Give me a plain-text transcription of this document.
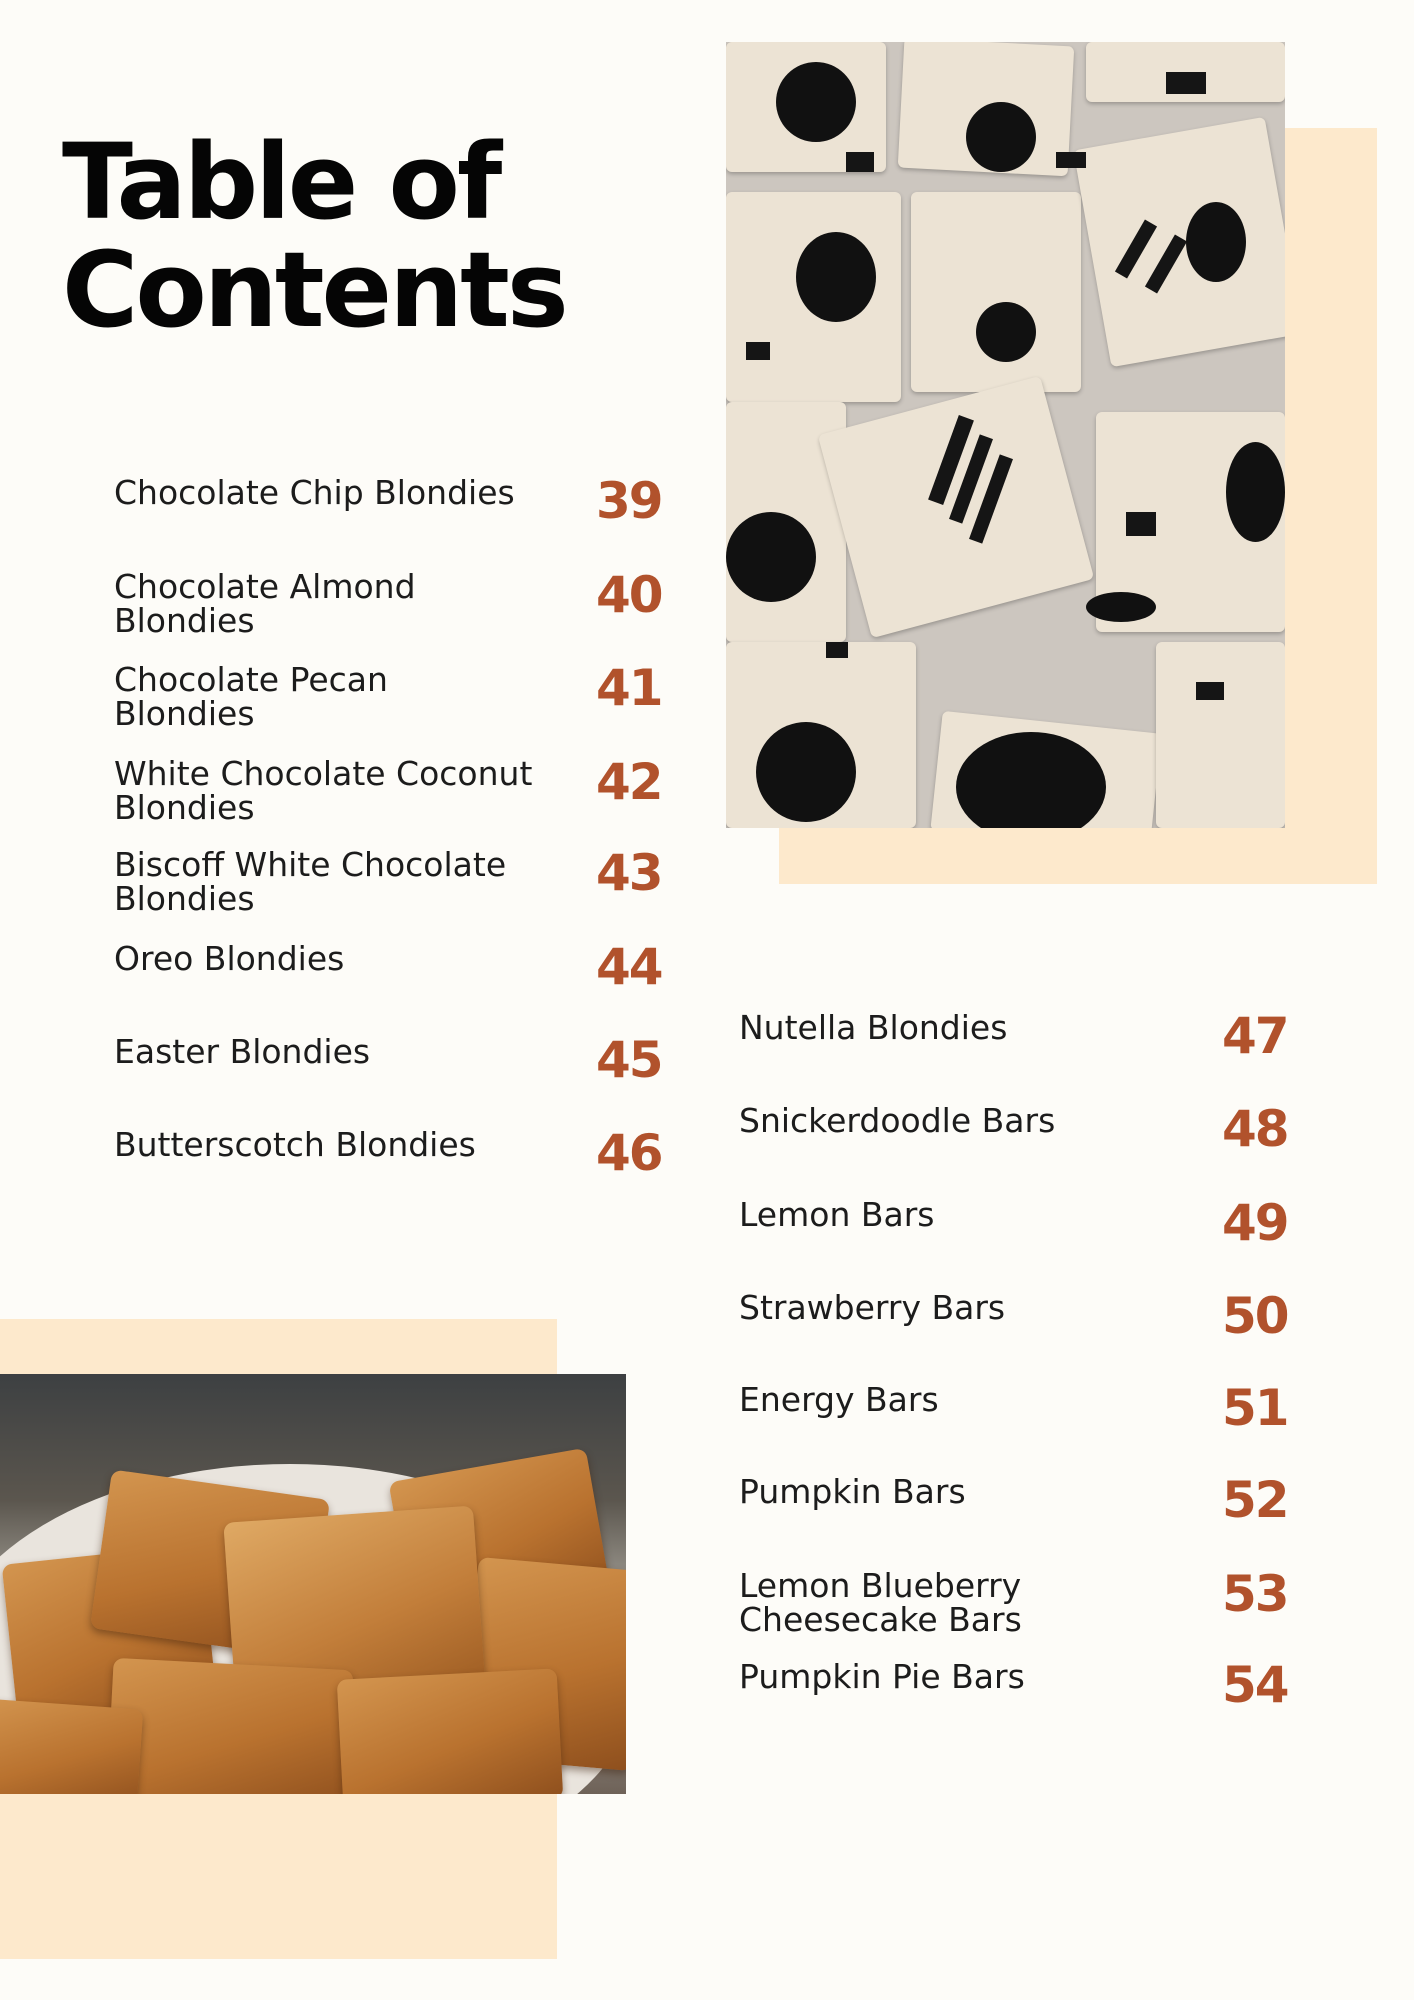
Table of
Contents
Chocolate Chip Blondies	39
Chocolate Almond Blondies	40
Chocolate Pecan Blondies	41
White Chocolate Coconut Blondies	42
Biscoff White Chocolate Blondies	43
Oreo Blondies	44
Easter Blondies	45
Butterscotch Blondies	46
Nutella Blondies	47
Snickerdoodle Bars	48
Lemon Bars	49
Strawberry Bars	50
Energy Bars	51
Pumpkin Bars	52
Lemon Blueberry Cheesecake Bars	53
Pumpkin Pie Bars	54
